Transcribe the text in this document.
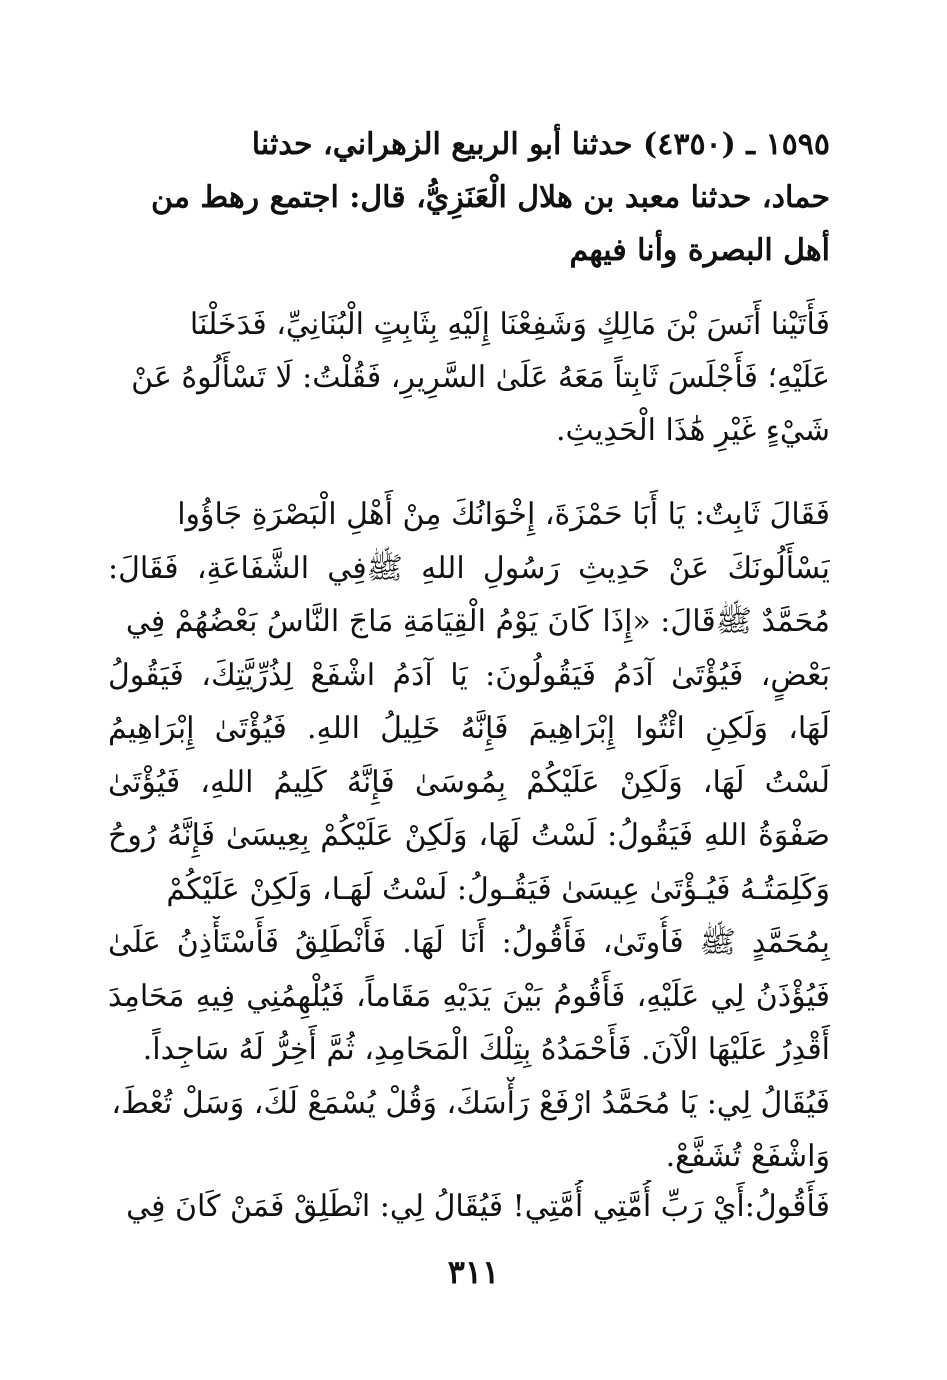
١٥٩٥ ـ (٤٣٥٠) حدثنا أبو الربيع الزهراني، حدثنا
حماد، حدثنا معبد بن هلال الْعَنَزِيُّ، قال: اجتمع رهط من
أهل البصرة وأنا فيهم
فَأَتَيْنا أَنَسَ بْنَ مَالِكٍ وَشَفِعْنَا إِلَيْهِ بِثَابِتٍ الْبُنَانِيِّ، فَدَخَلْنَا
عَلَيْهِ؛ فَأَجْلَسَ ثَابِتاً مَعَهُ عَلَىٰ السَّرِيرِ، فَقُلْتُ: لَا تَسْأَلُوهُ عَنْ
شَيْءٍ غَيْرِ هَٰذَا الْحَدِيثِ.
فَقَالَ ثَابِتٌ: يَا أَبَا حَمْزَةَ، إِخْوَانُكَ مِنْ أَهْلِ الْبَصْرَةِ جَاؤُوا
يَسْأَلُونَكَ عَنْ حَدِيثِ رَسُولِ اللهِ ﷺفِي الشَّفَاعَةِ، فَقَالَ:
مُحَمَّدٌ ﷺقَالَ: «إِذَا كَانَ يَوْمُ الْقِيَامَةِ مَاجَ النَّاسُ بَعْضُهُمْ فِي
بَعْضٍ، فَيُؤْتَىٰ آدَمُ فَيَقُولُونَ: يَا آدَمُ اشْفَعْ لِذُرِّيَّتِكَ، فَيَقُولُ
لَهَا، وَلَكِنِ ائْتُوا إِبْرَاهِيمَ فَإِنَّهُ خَلِيلُ اللهِ. فَيُؤْتَىٰ إِبْرَاهِيمُ
لَسْتُ لَهَا، وَلَكِنْ عَلَيْكُمْ بِمُوسَىٰ فَإِنَّهُ كَلِيمُ اللهِ، فَيُؤْتَىٰ
صَفْوَةُ اللهِ فَيَقُولُ: لَسْتُ لَهَا، وَلَكِنْ عَلَيْكُمْ بِعِيسَىٰ فَإِنَّهُ رُوحُ
وَكَلِمَتُـهُ فَيُـؤْتَىٰ عِيسَىٰ فَيَقُـولُ: لَسْتُ لَهَـا، وَلَكِنْ عَلَيْكُمْ
بِمُحَمَّدٍ ﷺ فَأُوتَىٰ، فَأَقُولُ: أَنَا لَهَا. فَأَنْطَلِقُ فَأَسْتَأْذِنُ عَلَىٰ
فَيُؤْذَنُ لِي عَلَيْهِ، فَأَقُومُ بَيْنَ يَدَيْهِ مَقَاماً، فَيُلْهِمُنِي فِيهِ مَحَامِدَ
أَقْدِرُ عَلَيْهَا الْآنَ. فَأَحْمَدُهُ بِتِلْكَ الْمَحَامِدِ، ثُمَّ أَخِرُّ لَهُ سَاجِداً.
فَيُقَالُ لِي: يَا مُحَمَّدُ ارْفَعْ رَأْسَكَ، وَقُلْ يُسْمَعْ لَكَ، وَسَلْ تُعْطَ،
وَاشْفَعْ تُشَفَّعْ.
فَأَقُولُ:أَيْ رَبِّ أُمَّتِي أُمَّتِي! فَيُقَالُ لِي: انْطَلِقْ فَمَنْ كَانَ فِي
٣١١
